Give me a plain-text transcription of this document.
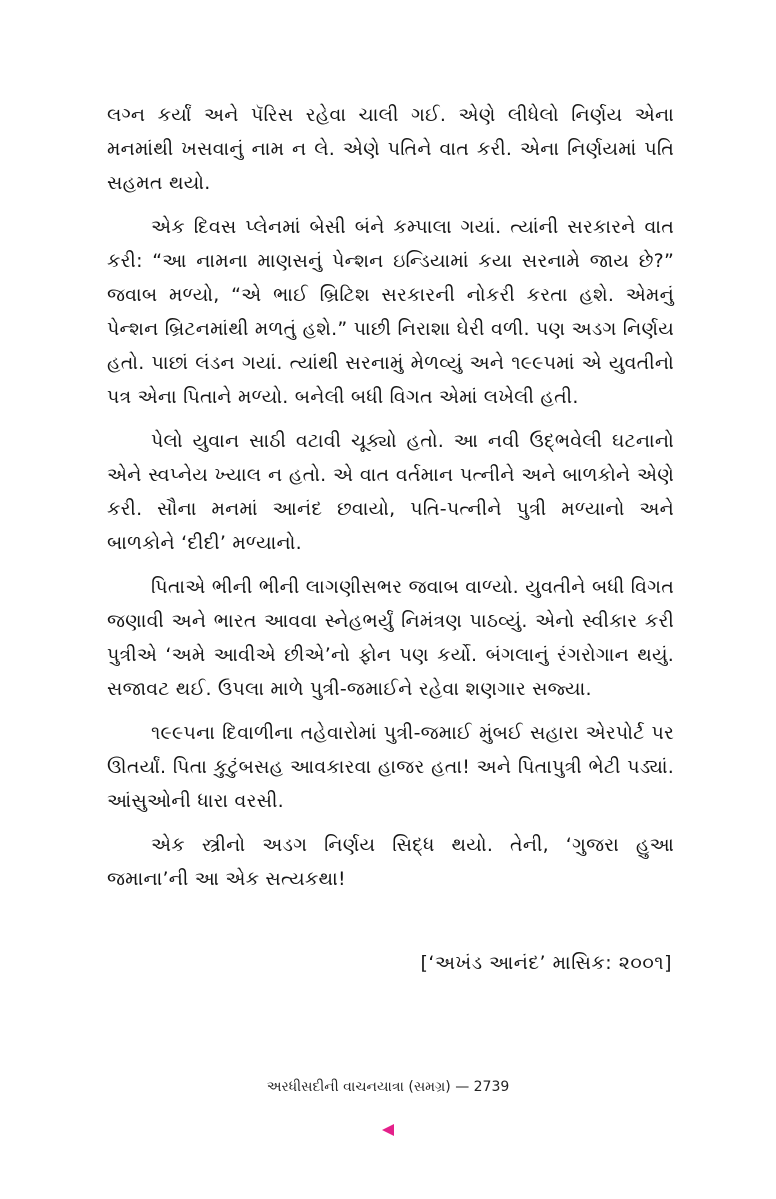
લગ્ન કર્યાં અને પૅરિસ રહેવા ચાલી ગઈ. એણે લીધેલો નિર્ણય એના મનમાંથી ખસવાનું નામ ન લે. એણે પતિને વાત કરી. એના નિર્ણયમાં પતિ સહમત થયો.

એક દિવસ પ્લેનમાં બેસી બંને કમ્પાલા ગયાં. ત્યાંની સરકારને વાત કરી: “આ નામના માણસનું પેન્શન ઇન્ડિયામાં કયા સરનામે જાય છે?” જવાબ મળ્યો, “એ ભાઈ બ્રિટિશ સરકારની નોકરી કરતા હશે. એમનું પેન્શન બ્રિટનમાંથી મળતું હશે.” પાછી નિરાશા ઘેરી વળી. પણ અડગ નિર્ણય હતો. પાછાં લંડન ગયાં. ત્યાંથી સરનામું મેળવ્યું અને ૧૯૯૫માં એ યુવતીનો પત્ર એના પિતાને મળ્યો. બનેલી બધી વિગત એમાં લખેલી હતી.

પેલો યુવાન સાઠી વટાવી ચૂક્યો હતો. આ નવી ઉદ્‌ભવેલી ઘટનાનો એને સ્વપ્નેય ખ્યાલ ન હતો. એ વાત વર્તમાન પત્નીને અને બાળકોને એણે કરી. સૌના મનમાં આનંદ છવાયો, પતિ-પત્નીને પુત્રી મળ્યાનો અને બાળકોને ‘દીદી’ મળ્યાનો.

પિતાએ ભીની ભીની લાગણીસભર જવાબ વાળ્યો. યુવતીને બધી વિગત જણાવી અને ભારત આવવા સ્નેહભર્યું નિમંત્રણ પાઠવ્યું. એનો સ્વીકાર કરી પુત્રીએ ‘અમે આવીએ છીએ’નો ફોન પણ કર્યો. બંગલાનું રંગરોગાન થયું. સજાવટ થઈ. ઉપલા માળે પુત્રી-જમાઈને રહેવા શણગાર સજ્યા.

૧૯૯૫ના દિવાળીના તહેવારોમાં પુત્રી-જમાઈ મુંબઈ સહારા એરપોર્ટ પર ઊતર્યાં. પિતા કુટુંબસહ આવકારવા હાજર હતા! અને પિતાપુત્રી ભેટી પડ્યાં. આંસુઓની ધારા વરસી.

એક સ્ત્રીનો અડગ નિર્ણય સિદ્ધ થયો. તેની, ‘ગુજરા હુઆ જમાના’ની આ એક સત્યકથા!

[‘અખંડ આનંદ’ માસિક: ૨૦૦૧]
અરધીસદીની વાચનયાત્રા (સમગ્ર) — 2739
